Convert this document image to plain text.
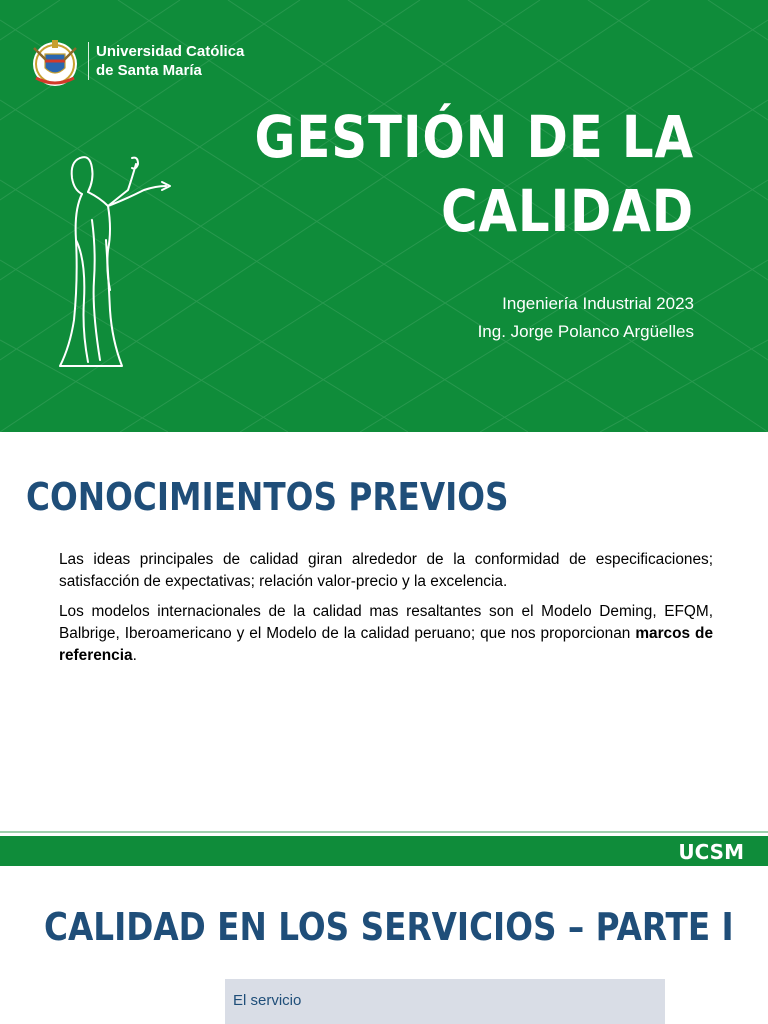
Universidad Católica
de Santa María
GESTIÓN DE LA
CALIDAD
Ingeniería Industrial 2023
Ing. Jorge Polanco Argüelles
CONOCIMIENTOS PREVIOS

Las ideas principales de calidad giran alrededor de la conformidad de especificaciones; satisfacción de expectativas; relación valor-precio y la excelencia.

Los modelos internacionales de la calidad mas resaltantes son el Modelo Deming, EFQM, Balbrige, Iberoamericano y el Modelo de la calidad peruano; que nos proporcionan marcos de referencia.

UCSM
CALIDAD EN LOS SERVICIOS – PARTE I
El servicio
